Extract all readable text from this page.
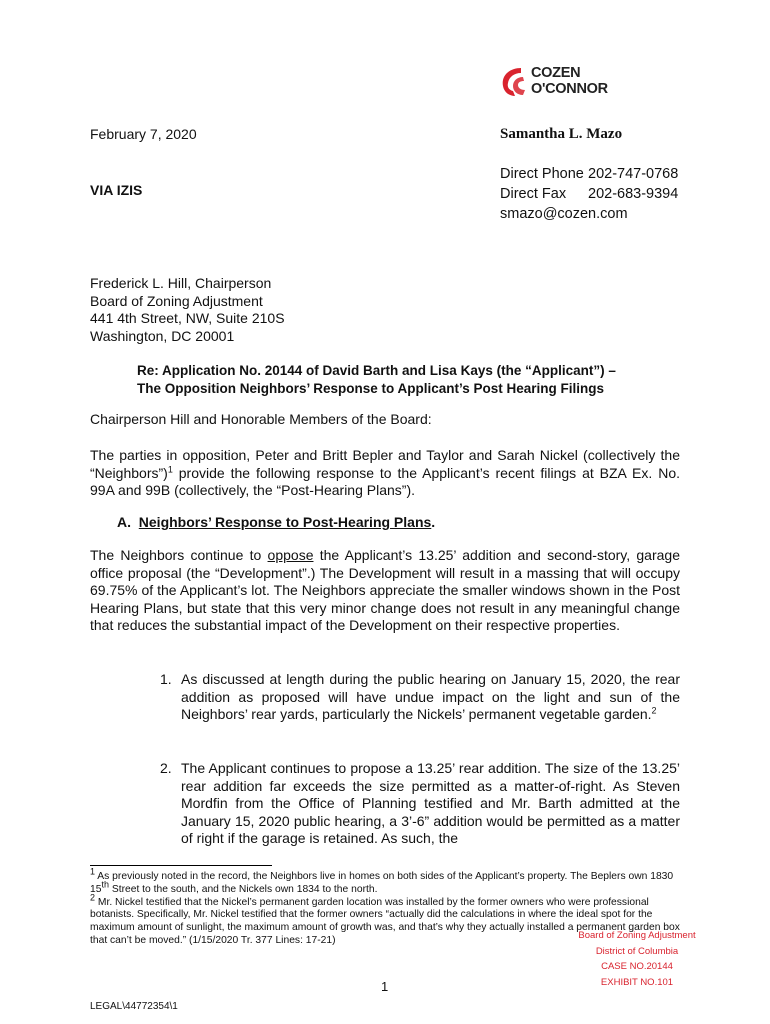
COZEN
O'CONNOR
February 7, 2020
VIA IZIS
Samantha L. Mazo
Direct Phone 202-747-0768
Direct Fax 202-683-9394
smazo@cozen.com
Frederick L. Hill, Chairperson
Board of Zoning Adjustment
441 4th Street, NW, Suite 210S
Washington, DC 20001
Re: Application No. 20144 of David Barth and Lisa Kays (the “Applicant”) –
The Opposition Neighbors’ Response to Applicant’s Post Hearing Filings
Chairperson Hill and Honorable Members of the Board:
The parties in opposition, Peter and Britt Bepler and Taylor and Sarah Nickel (collectively the “Neighbors”)$^1$ provide the following response to the Applicant’s recent filings at BZA Ex. No. 99A and 99B (collectively, the “Post-Hearing Plans”).
A. Neighbors’ Response to Post-Hearing Plans.
The Neighbors continue to oppose the Applicant’s 13.25’ addition and second-story, garage office proposal (the “Development”.) The Development will result in a massing that will occupy 69.75% of the Applicant’s lot. The Neighbors appreciate the smaller windows shown in the Post Hearing Plans, but state that this very minor change does not result in any meaningful change that reduces the substantial impact of the Development on their respective properties.
1. As discussed at length during the public hearing on January 15, 2020, the rear addition as proposed will have undue impact on the light and sun of the Neighbors’ rear yards, particularly the Nickels’ permanent vegetable garden.$^2$
2. The Applicant continues to propose a 13.25’ rear addition. The size of the 13.25’ rear addition far exceeds the size permitted as a matter-of-right. As Steven Mordfin from the Office of Planning testified and Mr. Barth admitted at the January 15, 2020 public hearing, a 3’-6” addition would be permitted as a matter of right if the garage is retained. As such, the

$^1$ As previously noted in the record, the Neighbors live in homes on both sides of the Applicant’s property. The Beplers own 1830 15th Street to the south, and the Nickels own 1834 to the north.

$^2$ Mr. Nickel testified that the Nickel’s permanent garden location was installed by the former owners who were professional botanists. Specifically, Mr. Nickel testified that the former owners “actually did the calculations in where the ideal spot for the maximum amount of sunlight, the maximum amount of growth was, and that’s why they actually installed a permanent garden box that can’t be moved.” (1/15/2020 Tr. 377 Lines: 17-21)

1
LEGAL\44772354\1
Board of Zoning Adjustment
District of Columbia
CASE NO.20144
EXHIBIT NO.101
